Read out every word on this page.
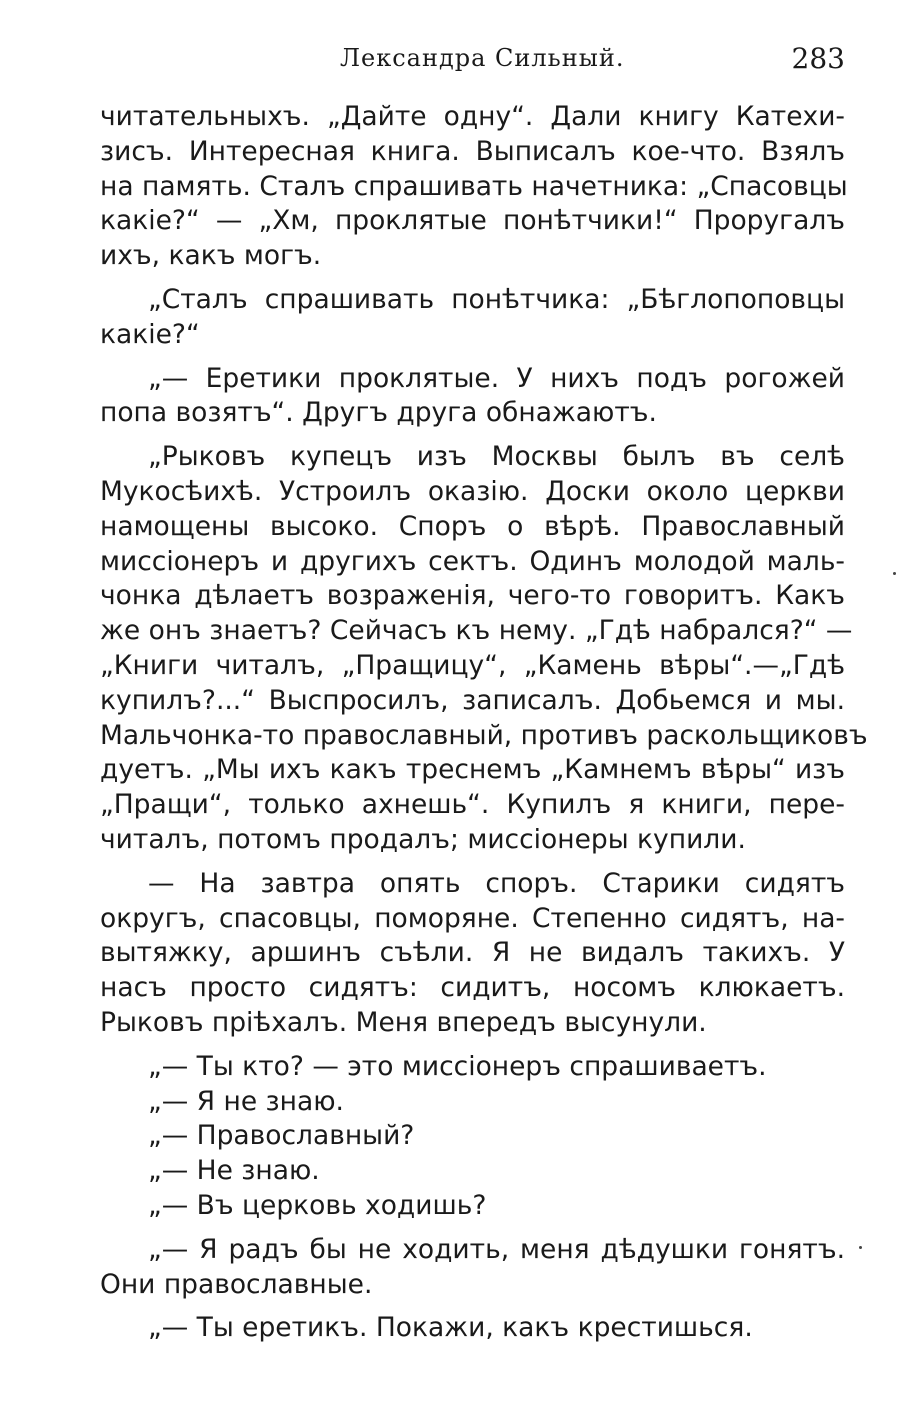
Лександра Сильный.	283
читательныхъ. „Дайте одну“. Дали книгу Катехи-
зисъ. Интересная книга. Выписалъ кое-что. Взялъ
на память. Сталъ спрашивать начетника: „Спасовцы
какіе?“ — „Хм, проклятые понѣтчики!“ Проругалъ
ихъ, какъ могъ.
„Сталъ спрашивать понѣтчика: „Бѣглопоповцы
какіе?“
„— Еретики проклятые. У нихъ подъ рогожей
попа возятъ“. Другъ друга обнажаютъ.
„Рыковъ купецъ изъ Москвы былъ въ селѣ
Мукосѣихѣ. Устроилъ оказію. Доски около церкви
намощены высоко. Споръ о вѣрѣ. Православный
миссіонеръ и другихъ сектъ. Одинъ молодой маль-
чонка дѣлаетъ возраженія, чего-то говоритъ. Какъ
же онъ знаетъ? Сейчасъ къ нему. „Гдѣ набрался?“ —
„Книги читалъ, „Пращицу“, „Камень вѣры“.—„Гдѣ
купилъ?...“ Выспросилъ, записалъ. Добьемся и мы.
Мальчонка-то православный, противъ раскольщиковъ
дуетъ. „Мы ихъ какъ треснемъ „Камнемъ вѣры“ изъ
„Пращи“, только ахнешь“. Купилъ я книги, пере-
читалъ, потомъ продалъ; миссіонеры купили.
— На завтра опять споръ. Старики сидятъ
округъ, спасовцы, поморяне. Степенно сидятъ, на-
вытяжку, аршинъ съѣли. Я не видалъ такихъ. У
насъ просто сидятъ: сидитъ, носомъ клюкаетъ.
Рыковъ пріѣхалъ. Меня впередъ высунули.
„— Ты кто? — это миссіонеръ спрашиваетъ.
„— Я не знаю.
„— Православный?
„— Не знаю.
„— Въ церковь ходишь?
„— Я радъ бы не ходить, меня дѣдушки гонятъ.
Они православные.
„— Ты еретикъ. Покажи, какъ крестишься.
